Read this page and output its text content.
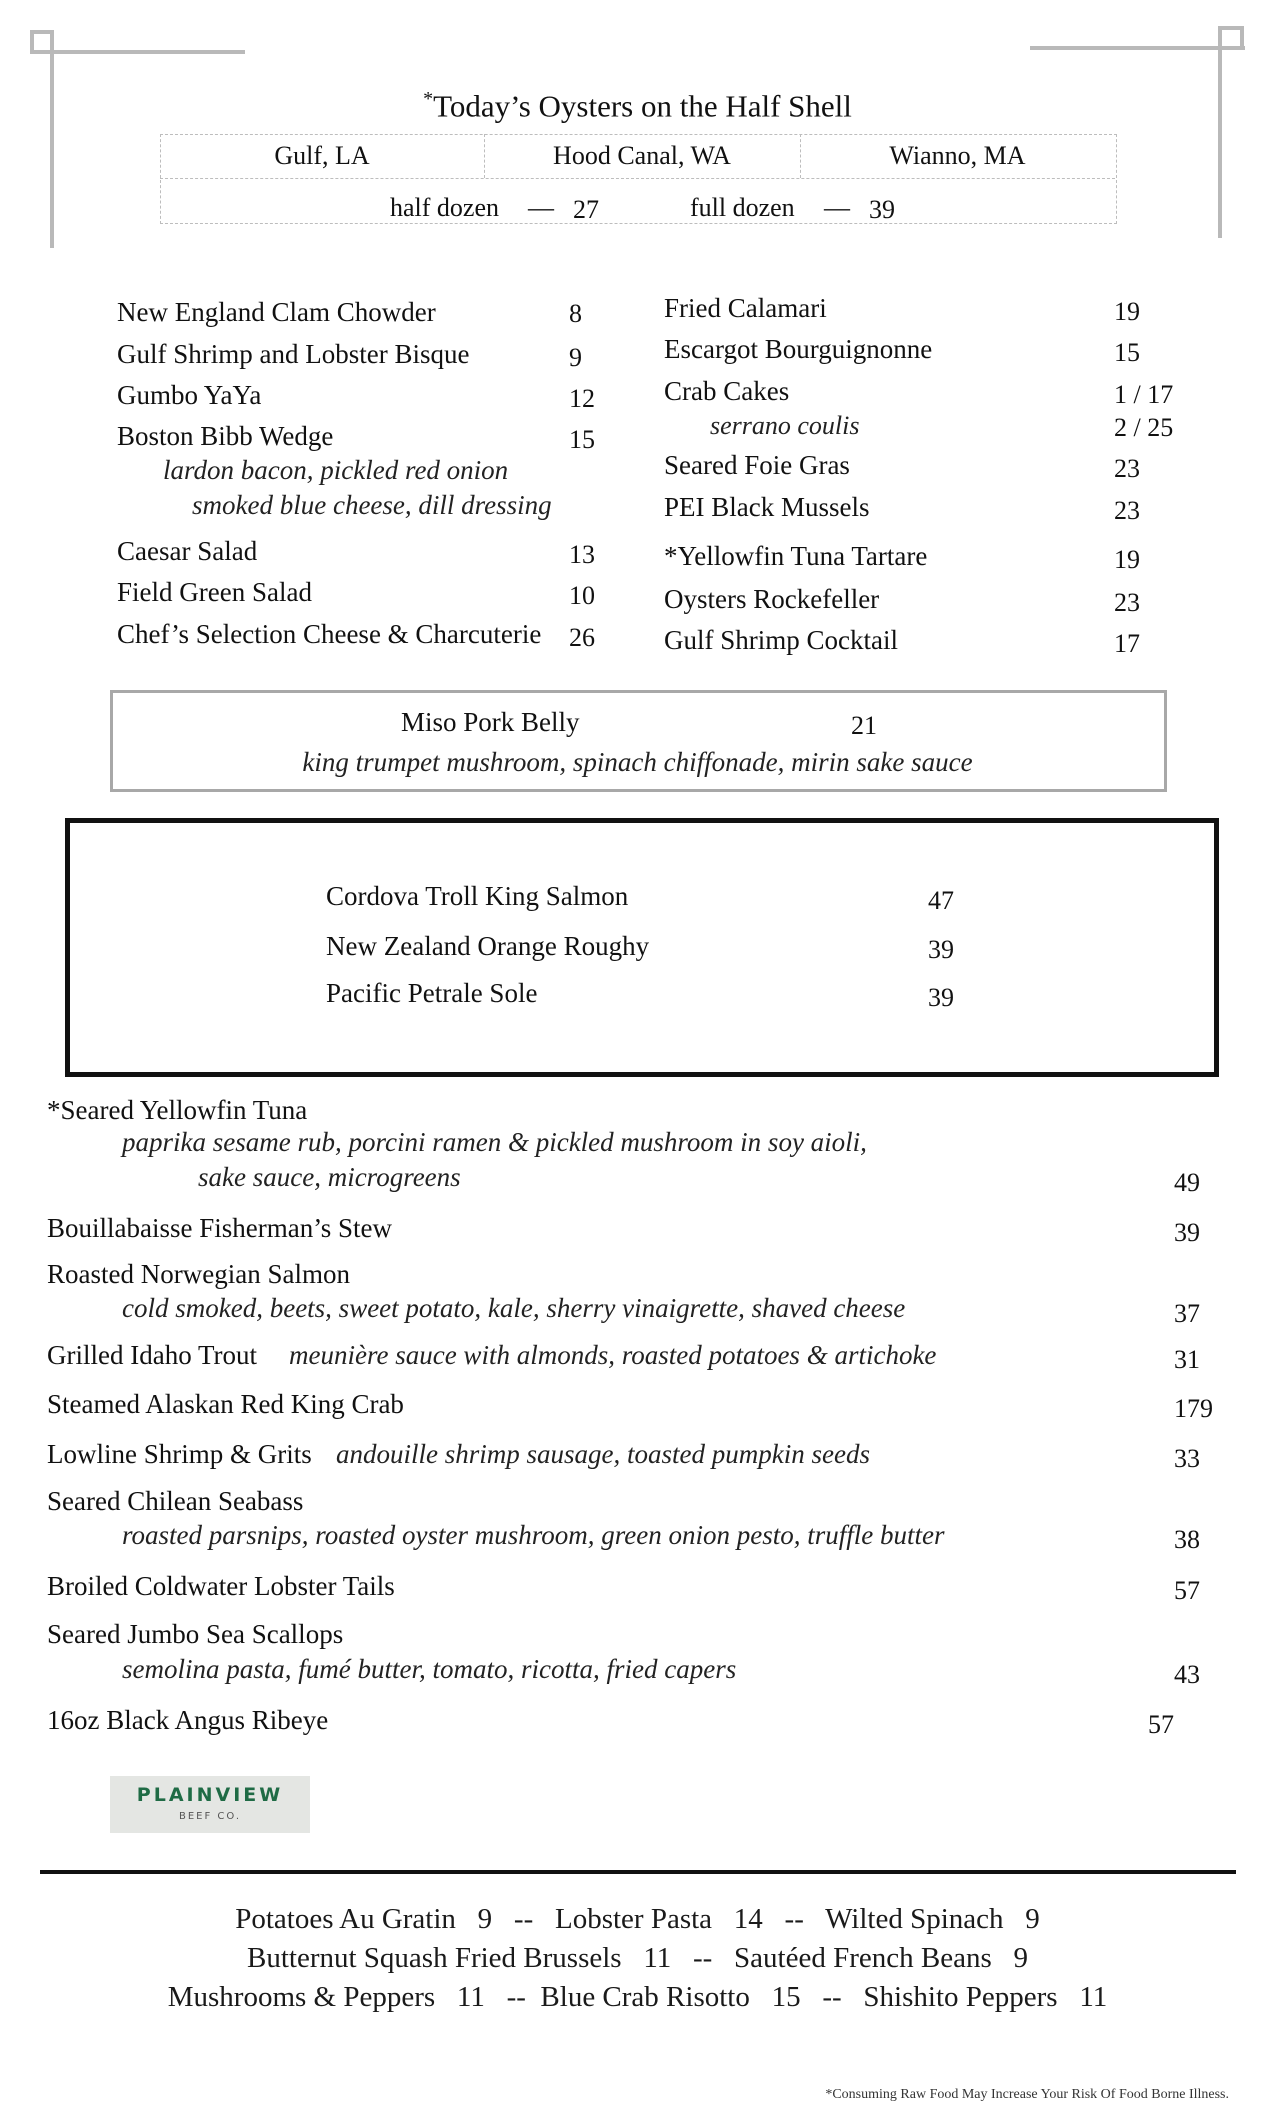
*Today’s Oysters on the Half Shell
Gulf, LA	Hood Canal, WA	Wianno, MA
half dozen — 27	full dozen — 39
New England Clam Chowder	8
Gulf Shrimp and Lobster Bisque	9
Gumbo YaYa	12
Boston Bibb Wedge	15
lardon bacon, pickled red onion
smoked blue cheese, dill dressing
Caesar Salad	13
Field Green Salad	10
Chef’s Selection Cheese & Charcuterie 26
Fried Calamari	19
Escargot Bourguignonne	15
Crab Cakes	1 / 17
serrano coulis	2 / 25
Seared Foie Gras	23
PEI Black Mussels	23
*Yellowfin Tuna Tartare	19
Oysters Rockefeller	23
Gulf Shrimp Cocktail	17
Miso Pork Belly	21
king trumpet mushroom, spinach chiffonade, mirin sake sauce
Cordova Troll King Salmon	47
New Zealand Orange Roughy	39
Pacific Petrale Sole	39
*Seared Yellowfin Tuna
paprika sesame rub, porcini ramen & pickled mushroom in soy aioli,
sake sauce, microgreens	49
Bouillabaisse Fisherman’s Stew	39
Roasted Norwegian Salmon
cold smoked, beets, sweet potato, kale, sherry vinaigrette, shaved cheese	37
Grilled Idaho Trout meunière sauce with almonds, roasted potatoes & artichoke	31
Steamed Alaskan Red King Crab	179
Lowline Shrimp & Grits andouille shrimp sausage, toasted pumpkin seeds	33
Seared Chilean Seabass
roasted parsnips, roasted oyster mushroom, green onion pesto, truffle butter	38
Broiled Coldwater Lobster Tails	57
Seared Jumbo Sea Scallops
semolina pasta, fumé butter, tomato, ricotta, fried capers	43
16oz Black Angus Ribeye	57
PLAINVIEW
BEEF CO.
Potatoes Au Gratin   9   --   Lobster Pasta   14   --   Wilted Spinach   9
Butternut Squash Fried Brussels   11   --   Sautéed French Beans   9
Mushrooms & Peppers   11   --  Blue Crab Risotto   15   --   Shishito Peppers   11
*Consuming Raw Food May Increase Your Risk Of Food Borne Illness.
